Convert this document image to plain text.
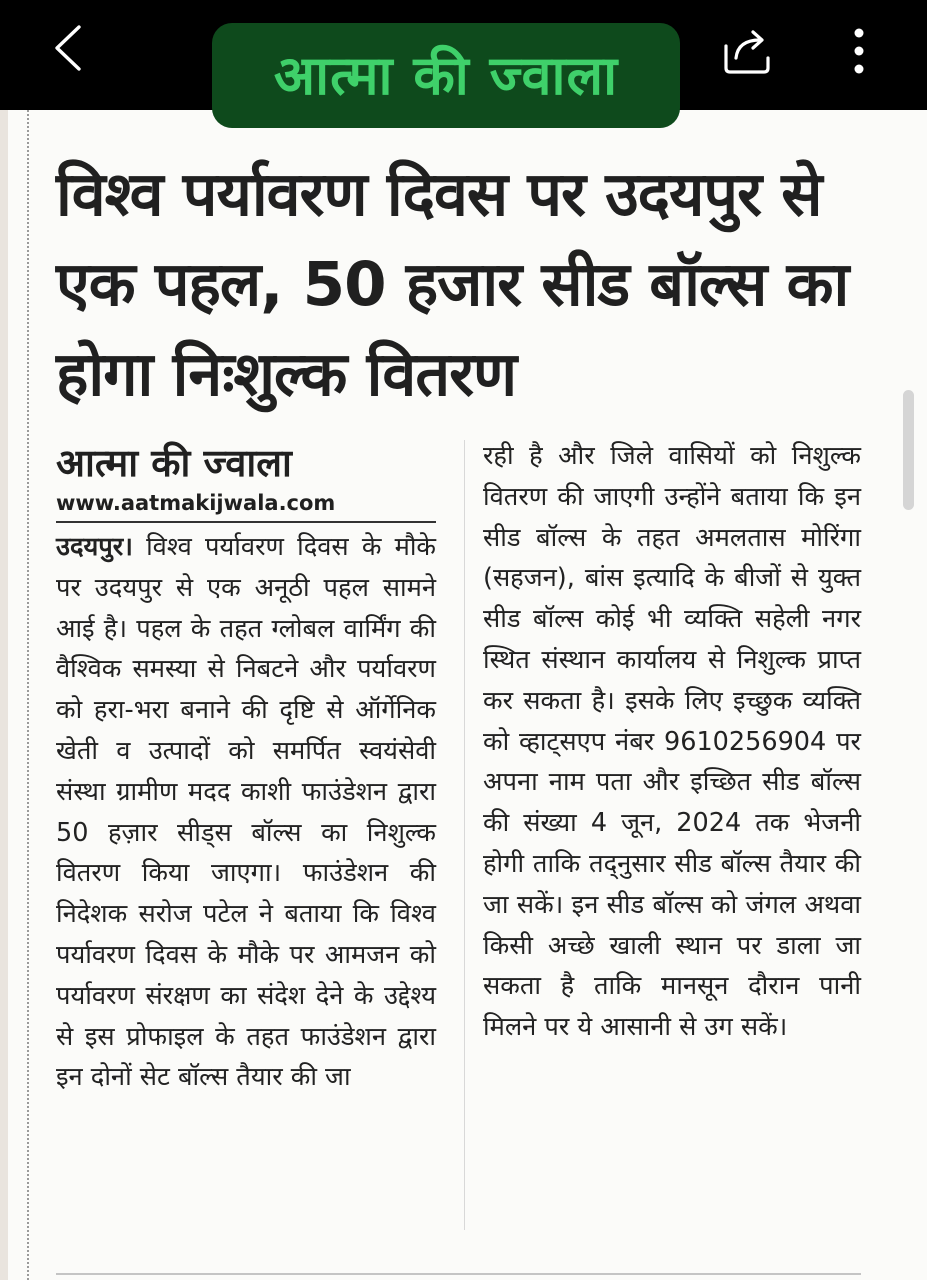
आत्मा की ज्वाला
विश्व पर्यावरण दिवस पर उदयपुर से एक पहल, 50 हजार सीड बॉल्स का होगा निःशुल्क वितरण

आत्मा की ज्वाला

www.aatmakijwala.com

उदयपुर। विश्व पर्यावरण दिवस के मौके पर उदयपुर से एक अनूठी पहल सामने आई है। पहल के तहत ग्लोबल वार्मिंग की वैश्विक समस्या से निबटने और पर्यावरण को हरा-भरा बनाने की दृष्टि से ऑर्गेनिक खेती व उत्पादों को समर्पित स्वयंसेवी संस्था ग्रामीण मदद काशी फाउंडेशन द्वारा 50 हज़ार सीड्स बॉल्स का निशुल्क वितरण किया जाएगा। फाउंडेशन की निदेशक सरोज पटेल ने बताया कि विश्व पर्यावरण दिवस के मौके पर आमजन को पर्यावरण संरक्षण का संदेश देने के उद्देश्य से इस प्रोफाइल के तहत फाउंडेशन द्वारा इन दोनों सेट बॉल्स तैयार की जा

रही है और जिले वासियों को निशुल्क वितरण की जाएगी उन्होंने बताया कि इन सीड बॉल्स के तहत अमलतास मोरिंगा (सहजन), बांस इत्यादि के बीजों से युक्त सीड बॉल्स कोई भी व्यक्ति सहेली नगर स्थित संस्थान कार्यालय से निशुल्क प्राप्त कर सकता है। इसके लिए इच्छुक व्यक्ति को व्हाट्सएप नंबर 9610256904 पर अपना नाम पता और इच्छित सीड बॉल्स की संख्या 4 जून, 2024 तक भेजनी होगी ताकि तद्नुसार सीड बॉल्स तैयार की जा सकें। इन सीड बॉल्स को जंगल अथवा किसी अच्छे खाली स्थान पर डाला जा सकता है ताकि मानसून दौरान पानी मिलने पर ये आसानी से उग सकें।
